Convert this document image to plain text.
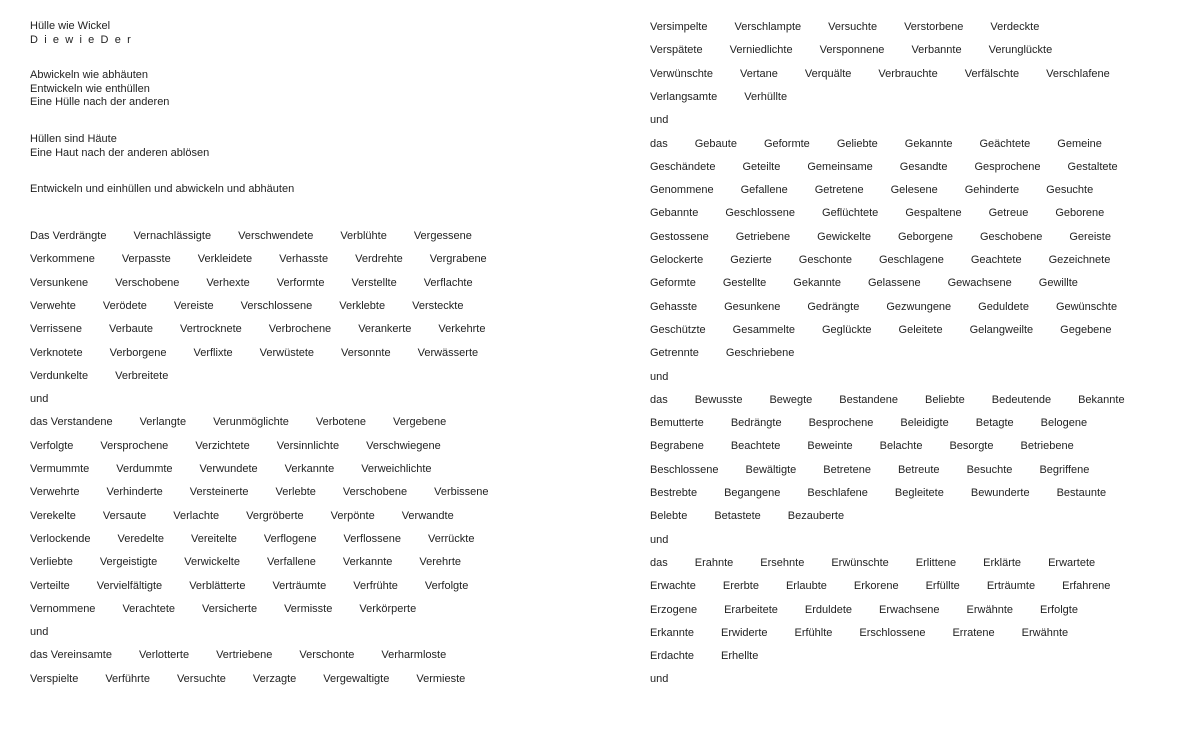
Hülle wie Wickel
D i e w i e D e r
Abwickeln wie abhäuten
Entwickeln wie enthüllen
Eine Hülle nach der anderen
Hüllen sind Häute
Eine Haut nach der anderen ablösen
Entwickeln und einhüllen und abwickeln und abhäuten
Das Verdrängte Vernachlässigte Verschwendete Verblühte Vergessene
Verkommene Verpasste Verkleidete Verhasste Verdrehte Vergrabene
Versunkene Verschobene Verhexte Verformte Verstellte Verflachte
Verwehte Verödete Vereiste Verschlossene Verklebte Versteckte
Verrissene Verbaute Vertrocknete Verbrochene Verankerte Verkehrte
Verknotete Verborgene Verflixte Verwüstete Versonnte Verwässerte
Verdunkelte Verbreitete
und
das Verstandene Verlangte Verunmöglichte Verbotene Vergebene
Verfolgte Versprochene Verzichtete Versinnlichte Verschwiegene
Vermummte Verdummte Verwundete Verkannte Verweichlichte
Verwehrte Verhinderte Versteinerte Verlebte Verschobene Verbissene
Verekelte Versaute Verlachte Vergröberte Verpönte Verwandte
Verlockende Veredelte Vereitelte Verflogene Verflossene Verrückte
Verliebte Vergeistigte Verwickelte Verfallene Verkannte Verehrte
Verteilte Vervielfältigte Verblätterte Verträumte Verfrühte Verfolgte
Vernommene Verachtete Versicherte Vermisste Verkörperte
und
das Vereinsamte Verlotterte Vertriebene Verschonte Verharmloste
Verspielte Verführte Versuchte Verzagte Vergewaltigte Vermieste
Versimpelte Verschlampte Versuchte Verstorbene Verdeckte
Verspätete Verniedlichte Versponnene Verbannte Verunglückte
Verwünschte Vertane Verquälte Verbrauchte Verfälschte Verschlafene
Verlangsamte Verhüllte
und
das Gebaute Geformte Geliebte Gekannte Geächtete Gemeine
Geschändete Geteilte Gemeinsame Gesandte Gesprochene Gestaltete
Genommene Gefallene Getretene Gelesene Gehinderte Gesuchte
Gebannte Geschlossene Geflüchtete Gespaltene Getreue Geborene
Gestossene Getriebene Gewickelte Geborgene Geschobene Gereiste
Gelockerte Gezierte Geschonte Geschlagene Geachtete Gezeichnete
Geformte Gestellte Gekannte Gelassene Gewachsene Gewillte
Gehasste Gesunkene Gedrängte Gezwungene Geduldete Gewünschte
Geschützte Gesammelte Geglückte Geleitete Gelangweilte Gegebene
Getrennte Geschriebene
und
das Bewusste Bewegte Bestandene Beliebte Bedeutende Bekannte
Bemutterte Bedrängte Besprochene Beleidigte Betagte Belogene
Begrabene Beachtete Beweinte Belachte Besorgte Betriebene
Beschlossene Bewältigte Betretene Betreute Besuchte Begriffene
Bestrebte Begangene Beschlafene Begleitete Bewunderte Bestaunte
Belebte Betastete Bezauberte
und
das Erahnte Ersehnte Erwünschte Erlittene Erklärte Erwartete
Erwachte Ererbte Erlaubte Erkorene Erfüllte Erträumte Erfahrene
Erzogene Erarbeitete Erduldete Erwachsene Erwähnte Erfolgte
Erkannte Erwiderte Erfühlte Erschlossene Erratene Erwähnte
Erdachte Erhellte
und
